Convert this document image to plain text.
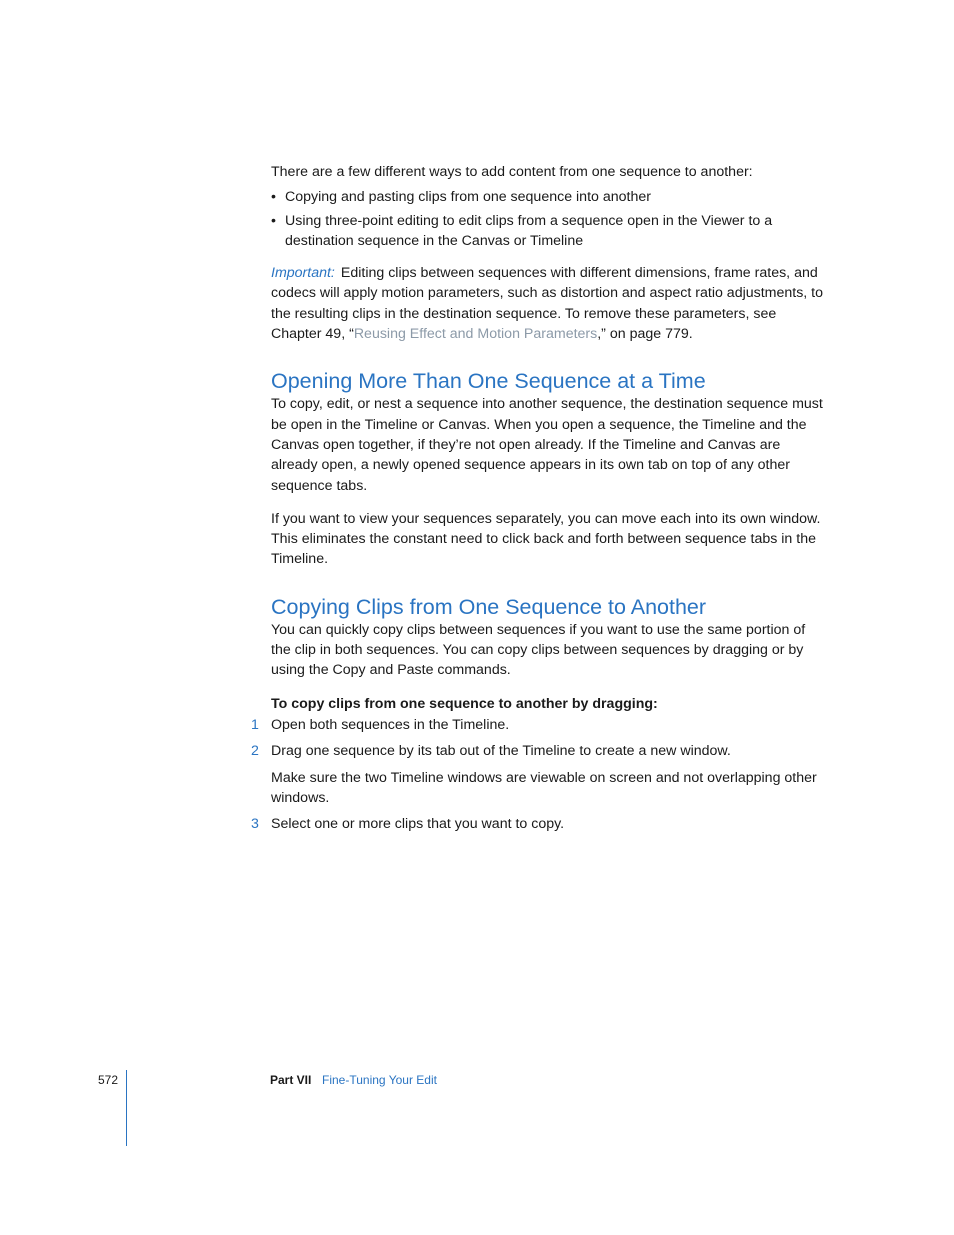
There are a few different ways to add content from one sequence to another:

• Copying and pasting clips from one sequence into another
• Using three-point editing to edit clips from a sequence open in the Viewer to a destination sequence in the Canvas or Timeline

Important: Editing clips between sequences with different dimensions, frame rates, and codecs will apply motion parameters, such as distortion and aspect ratio adjustments, to the resulting clips in the destination sequence. To remove these parameters, see Chapter 49, “Reusing Effect and Motion Parameters,” on page 779.

Opening More Than One Sequence at a Time

To copy, edit, or nest a sequence into another sequence, the destination sequence must be open in the Timeline or Canvas. When you open a sequence, the Timeline and the Canvas open together, if they’re not open already. If the Timeline and Canvas are already open, a newly opened sequence appears in its own tab on top of any other sequence tabs.

If you want to view your sequences separately, you can move each into its own window. This eliminates the constant need to click back and forth between sequence tabs in the Timeline.

Copying Clips from One Sequence to Another

You can quickly copy clips between sequences if you want to use the same portion of the clip in both sequences. You can copy clips between sequences by dragging or by using the Copy and Paste commands.

To copy clips from one sequence to another by dragging:

1 Open both sequences in the Timeline.
2 Drag one sequence by its tab out of the Timeline to create a new window.

Make sure the two Timeline windows are viewable on screen and not overlapping other windows.

3 Select one or more clips that you want to copy.
572	Part VII Fine-Tuning Your Edit
